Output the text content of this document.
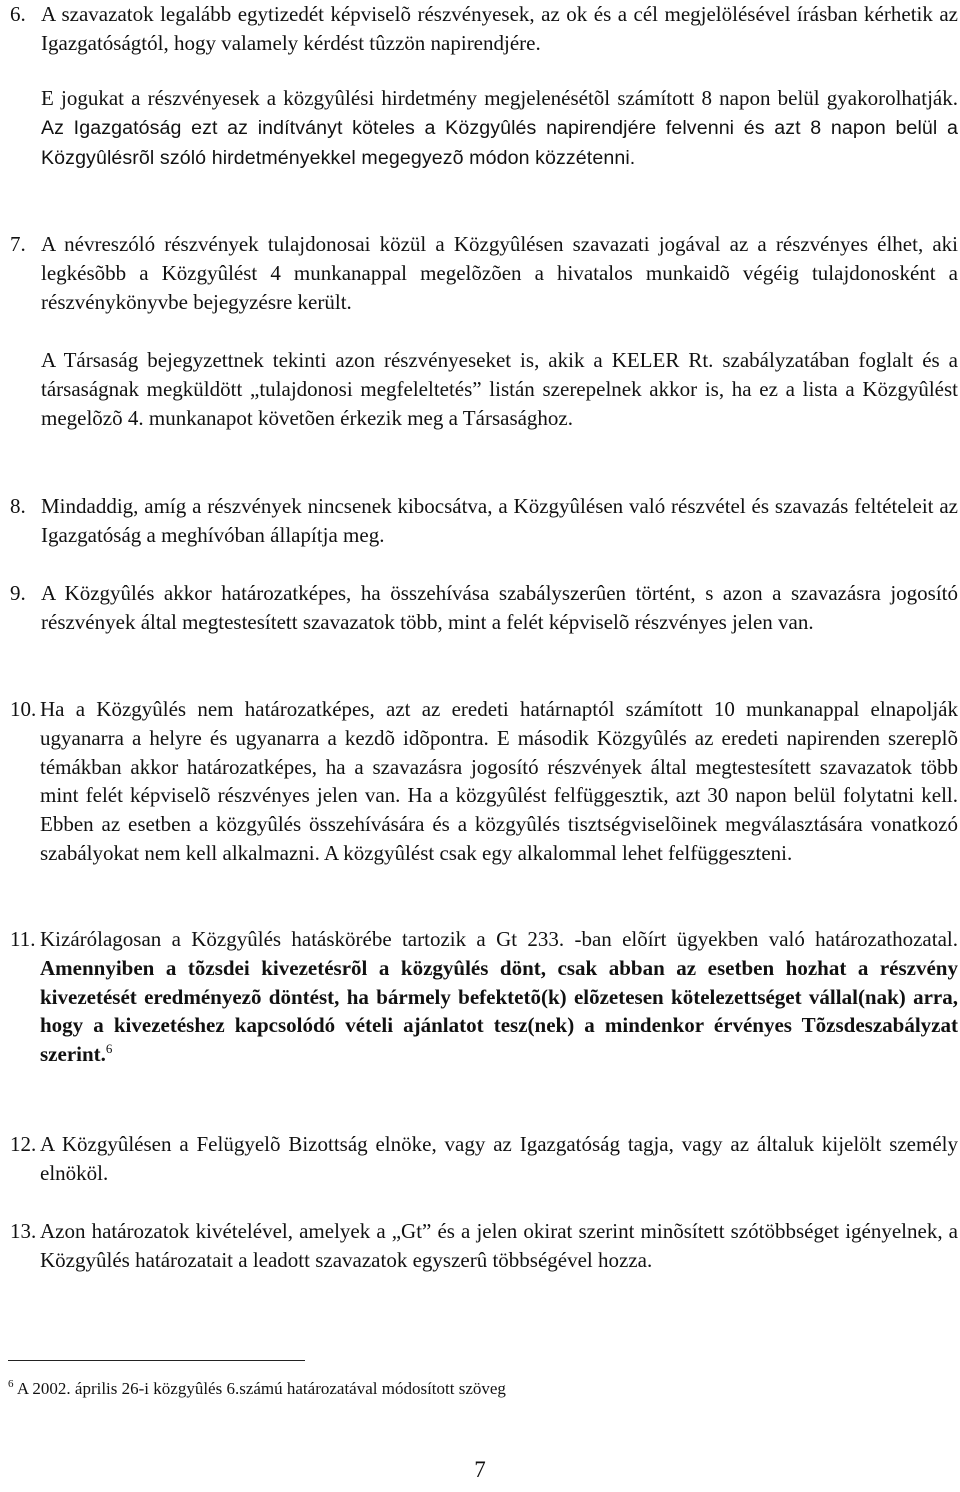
6. A szavazatok legalább egytizedét képviselõ részvényesek, az ok és a cél megjelölésével írásban kérhetik az Igazgatóságtól, hogy valamely kérdést tûzzön napirendjére.
E jogukat a részvényesek a közgyûlési hirdetmény megjelenésétõl számított 8 napon belül gyakorolhatják. Az Igazgatóság ezt az indítványt köteles a Közgyûlés napirendjére felvenni és azt 8 napon belül a Közgyûlésrõl szóló hirdetményekkel megegyezõ módon közzétenni.
7. A névreszóló részvények tulajdonosai közül a Közgyûlésen szavazati jogával az a részvényes élhet, aki legkésõbb a Közgyûlést 4 munkanappal megelõzõen a hivatalos munkaidõ végéig tulajdonosként a részvénykönyvbe bejegyzésre került.
A Társaság bejegyzettnek tekinti azon részvényeseket is, akik a KELER Rt. szabályzatában foglalt és a társaságnak megküldött „tulajdonosi megfeleltetés” listán szerepelnek akkor is, ha ez a lista a Közgyûlést megelõzõ 4. munkanapot követõen érkezik meg a Társasághoz.
8. Mindaddig, amíg a részvények nincsenek kibocsátva, a Közgyûlésen való részvétel és szavazás feltételeit az Igazgatóság a meghívóban állapítja meg.
9. A Közgyûlés akkor határozatképes, ha összehívása szabályszerûen történt, s azon a szavazásra jogosító részvények által megtestesített szavazatok több, mint a felét képviselõ részvényes jelen van.
10. Ha a Közgyûlés nem határozatképes, azt az eredeti határnaptól számított 10 munkanappal elnapolják ugyanarra a helyre és ugyanarra a kezdõ idõpontra. E második Közgyûlés az eredeti napirenden szereplõ témákban akkor határozatképes, ha a szavazásra jogosító részvények által megtestesített szavazatok több mint felét képviselõ részvényes jelen van. Ha a közgyûlést felfüggesztik, azt 30 napon belül folytatni kell. Ebben az esetben a közgyûlés összehívására és a közgyûlés tisztségviselõinek megválasztására vonatkozó szabályokat nem kell alkalmazni. A közgyûlést csak egy alkalommal lehet felfüggeszteni.
11. Kizárólagosan a Közgyûlés hatáskörébe tartozik a Gt 233. -ban elõírt ügyekben való határozathozatal. Amennyiben a tõzsdei kivezetésrõl a közgyûlés dönt, csak abban az esetben hozhat a részvény kivezetését eredményezõ döntést, ha bármely befektetõ(k) elõzetesen kötelezettséget vállal(nak) arra, hogy a kivezetéshez kapcsolódó vételi ajánlatot tesz(nek) a mindenkor érvényes Tõzsdeszabályzat szerint.$^6$
12. A Közgyûlésen a Felügyelõ Bizottság elnöke, vagy az Igazgatóság tagja, vagy az általuk kijelölt személy elnököl.
13. Azon határozatok kivételével, amelyek a „Gt” és a jelen okirat szerint minõsített szótöbbséget igényelnek, a Közgyûlés határozatait a leadott szavazatok egyszerû többségével hozza.
$^6$ A 2002. április 26-i közgyûlés 6.számú határozatával módosított szöveg
7
